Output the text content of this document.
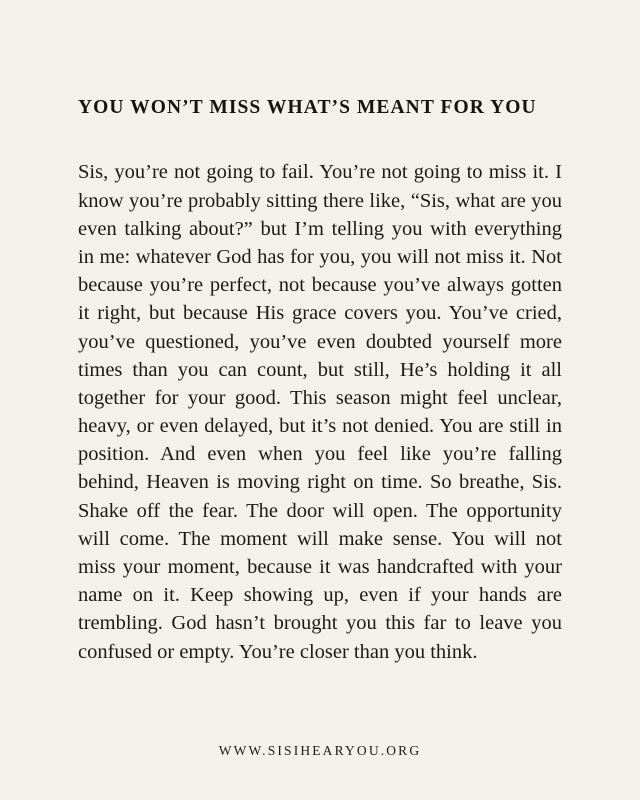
YOU WON’T MISS WHAT’S MEANT FOR YOU

Sis, you’re not going to fail. You’re not going to miss it. I know you’re probably sitting there like, “Sis, what are you even talking about?” but I’m telling you with everything in me: whatever God has for you, you will not miss it. Not because you’re perfect, not because you’ve always gotten it right, but because His grace covers you. You’ve cried, you’ve questioned, you’ve even doubted yourself more times than you can count, but still, He’s holding it all together for your good. This season might feel unclear, heavy, or even delayed, but it’s not denied. You are still in position. And even when you feel like you’re falling behind, Heaven is moving right on time. So breathe, Sis. Shake off the fear. The door will open. The opportunity will come. The moment will make sense. You will not miss your moment, because it was handcrafted with your name on it. Keep showing up, even if your hands are trembling. God hasn’t brought you this far to leave you confused or empty. You’re closer than you think.

WWW.SISIHEARYOU.ORG
